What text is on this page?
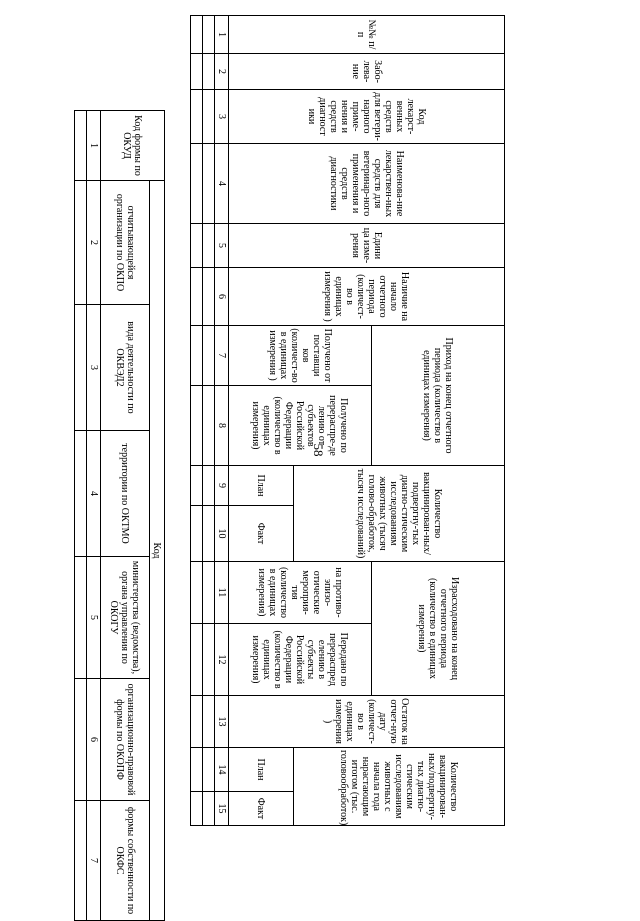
58
Код формы по ОКУД	Код					
	отчитывающейся организации по ОКПО	вида деятельности по ОКВЭД2	территории по ОКТМО	министерства (ведомства), органа управления по ОКОГУ	организационно-правовой формы по ОКОПФ	формы собственности по ОКФС
1	2	3	4	5	6	7

№№ п/п	Забо-лева-ние	Код лекарст-венных средств для ветери-нарного приме-нения и средств диагност ики	Наименова-ние лекарствен-ных средств для ветеринар-ного применения и средств диагностики	Едини ца изме-рения	Наличие на начало отчетного периода (количест-во в единицах измерения )	Приход на конец отчетного периода (количество в единицах измерения)		Количество вакцинирован-ных/подвергну-тых диагно-стическим исследованиям животных (тысяч голово-обработок, тысяч исследований)		Израсходовано на конец отчетного периода (количество в единицах измерения)		Остаток на отчет-ную дату (количест-во в единицах измерения )	Количество вакцинирован-ных/подвергну-тых диагно-стическим исследованиям животных с начала года нарастающим итогом (тыс. головообработок)	

						Получено от поставщи ков (количест-во в единицах измерения )	Получено по перераспре-де лению от субъектов Российской Федерации (количество в единицах измерения)			на противо-эпизо-отические мероприя-тия (количество в единицах измерения)	Передано по перераспред елению в субъекты Российской Федерации (количество в единицах измерения)			
								План	Факт				План	Факт
1	2	3	4	5	6	7	8	9	10	11	12	13	14	15
